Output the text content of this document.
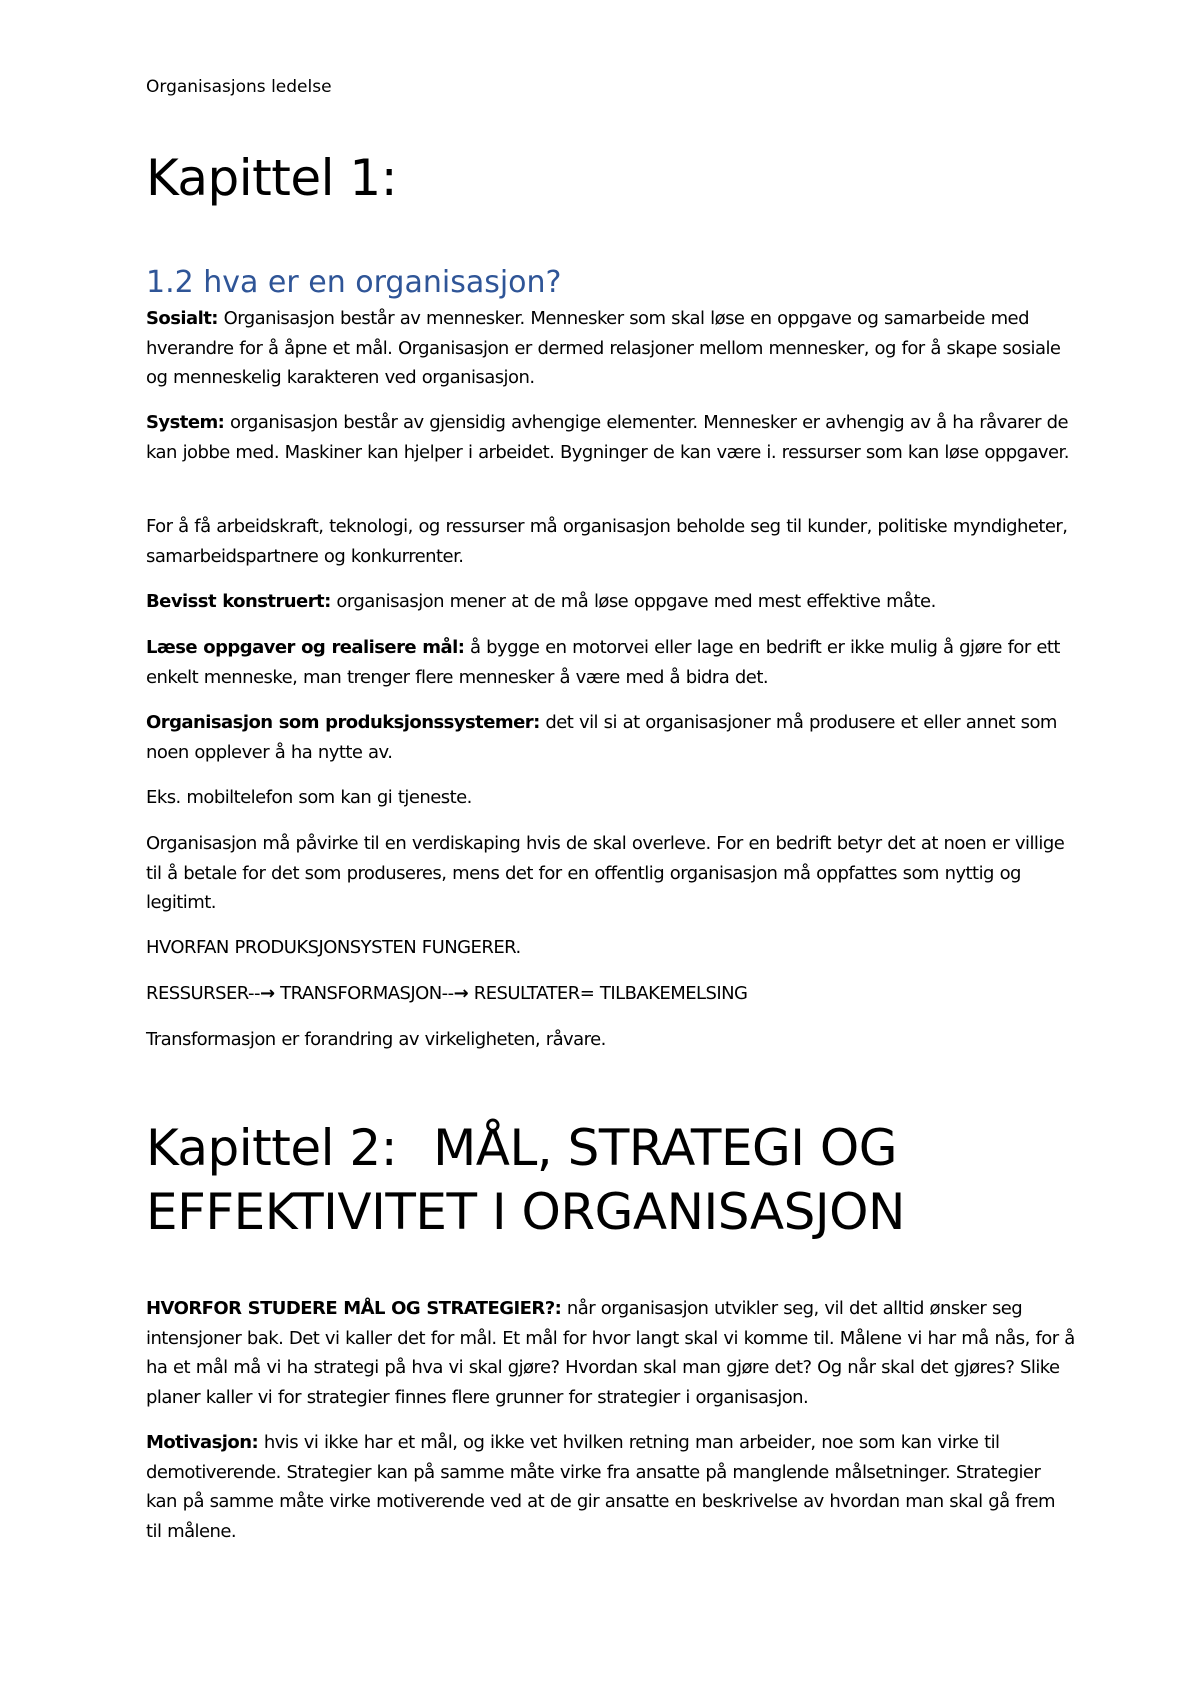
Organisasjons ledelse
Kapittel 1:
1.2 hva er en organisasjon?

Sosialt: Organisasjon består av mennesker. Mennesker som skal løse en oppgave og samarbeide med hverandre for å åpne et mål. Organisasjon er dermed relasjoner mellom mennesker, og for å skape sosiale og menneskelig karakteren ved organisasjon.

System: organisasjon består av gjensidig avhengige elementer. Mennesker er avhengig av å ha råvarer de kan jobbe med. Maskiner kan hjelper i arbeidet. Bygninger de kan være i. ressurser som kan løse oppgaver.

For å få arbeidskraft, teknologi, og ressurser må organisasjon beholde seg til kunder, politiske myndigheter, samarbeidspartnere og konkurrenter.

Bevisst konstruert: organisasjon mener at de må løse oppgave med mest effektive måte.

Læse oppgaver og realisere mål: å bygge en motorvei eller lage en bedrift er ikke mulig å gjøre for ett enkelt menneske, man trenger flere mennesker å være med å bidra det.

Organisasjon som produksjonssystemer: det vil si at organisasjoner må produsere et eller annet som noen opplever å ha nytte av.

Eks. mobiltelefon som kan gi tjeneste.

Organisasjon må påvirke til en verdiskaping hvis de skal overleve. For en bedrift betyr det at noen er villige til å betale for det som produseres, mens det for en offentlig organisasjon må oppfattes som nyttig og legitimt.

HVORFAN PRODUKSJONSYSTEN FUNGERER.

RESSURSER--→ TRANSFORMASJON--→ RESULTATER= TILBAKEMELSING

Transformasjon er forandring av virkeligheten, råvare.

Kapittel 2: MÅL, STRATEGI OG
EFFEKTIVITET I ORGANISASJON

HVORFOR STUDERE MÅL OG STRATEGIER?: når organisasjon utvikler seg, vil det alltid ønsker seg intensjoner bak. Det vi kaller det for mål. Et mål for hvor langt skal vi komme til. Målene vi har må nås, for å ha et mål må vi ha strategi på hva vi skal gjøre? Hvordan skal man gjøre det? Og når skal det gjøres? Slike planer kaller vi for strategier finnes flere grunner for strategier i organisasjon.

Motivasjon: hvis vi ikke har et mål, og ikke vet hvilken retning man arbeider, noe som kan virke til demotiverende. Strategier kan på samme måte virke fra ansatte på manglende målsetninger. Strategier kan på samme måte virke motiverende ved at de gir ansatte en beskrivelse av hvordan man skal gå frem til målene.
